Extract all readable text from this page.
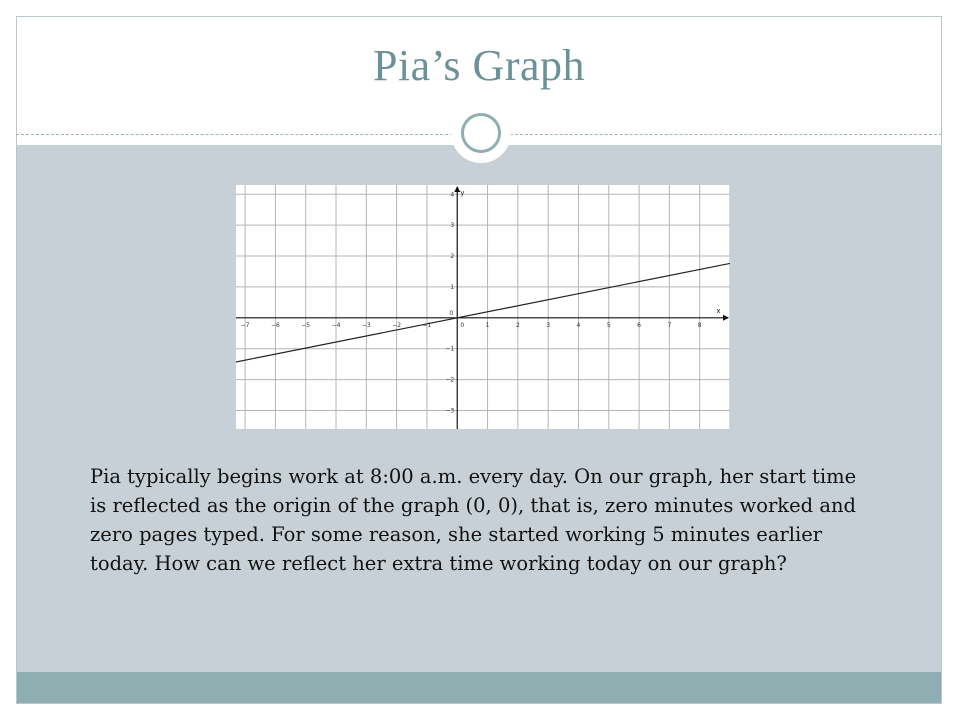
Pia’s Graph
−7	−6	−5	−4	−3	−2	−1	0	1	2	3	4	5	6	7	8
−3
−2
−1
0
1
2
3
4
x
y
Pia typically begins work at 8:00 a.m. every day. On our graph, her start time is reflected as the origin of the graph (0, 0), that is, zero minutes worked and zero pages typed. For some reason, she started working 5 minutes earlier today. How can we reflect her extra time working today on our graph?
